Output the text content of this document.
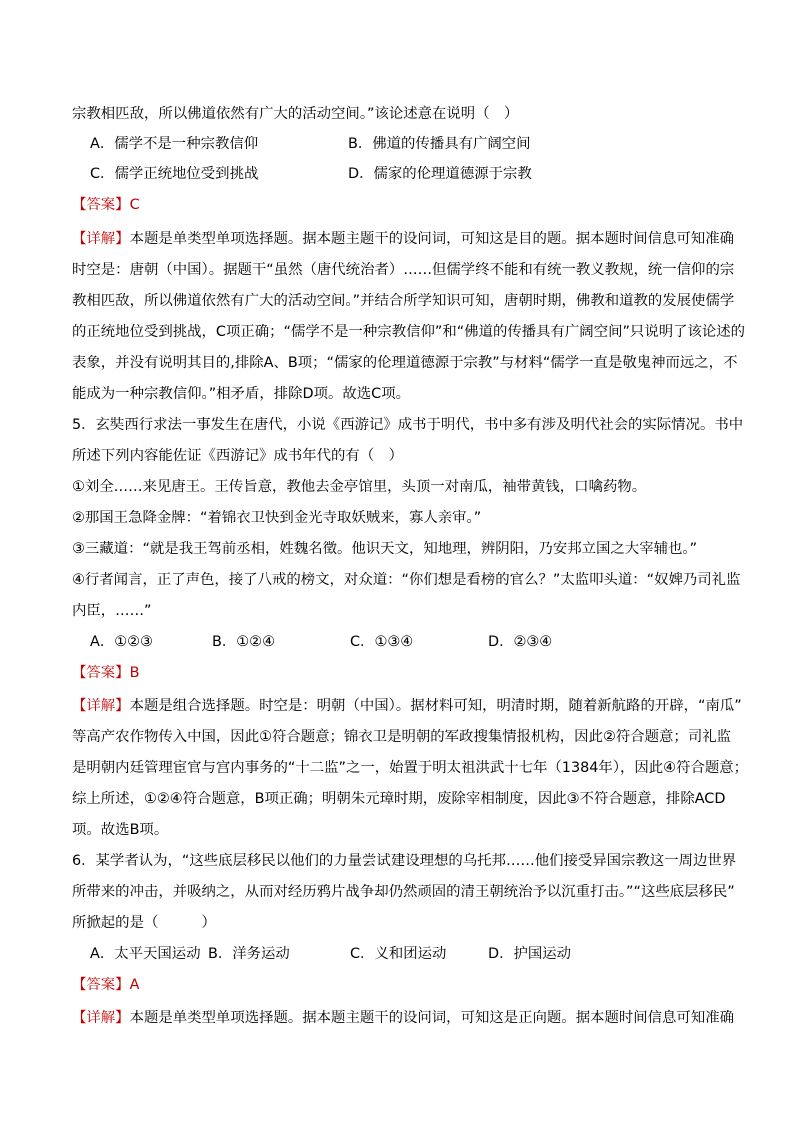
宗教相匹敌，所以佛道依然有广大的活动空间。”该论述意在说明（　）
A．儒学不是一种宗教信仰	B．佛道的传播具有广阔空间
C．儒学正统地位受到挑战	D．儒家的伦理道德源于宗教
【答案】C
【详解】本题是单类型单项选择题。据本题主题干的设问词，可知这是目的题。据本题时间信息可知准确
时空是：唐朝（中国）。据题干“虽然（唐代统治者）……但儒学终不能和有统一教义教规，统一信仰的宗
教相匹敌，所以佛道依然有广大的活动空间。”并结合所学知识可知，唐朝时期，佛教和道教的发展使儒学
的正统地位受到挑战，C项正确；“儒学不是一种宗教信仰”和“佛道的传播具有广阔空间”只说明了该论述的
表象，并没有说明其目的,排除A、B项；“儒家的伦理道德源于宗教”与材料“儒学一直是敬鬼神而远之，不
能成为一种宗教信仰。”相矛盾，排除D项。故选C项。
5．玄奘西行求法一事发生在唐代，小说《西游记》成书于明代，书中多有涉及明代社会的实际情况。书中
所述下列内容能佐证《西游记》成书年代的有（　）
①刘全……来见唐王。王传旨意，教他去金亭馆里，头顶一对南瓜，袖带黄钱，口噙药物。
②那国王急降金牌：“着锦衣卫快到金光寺取妖贼来，寡人亲审。”
③三藏道：“就是我王驾前丞相，姓魏名徵。他识天文，知地理，辨阴阳，乃安邦立国之大宰辅也。”
④行者闻言，正了声色，接了八戒的榜文，对众道：“你们想是看榜的官么？”太监叩头道：“奴婢乃司礼监
内臣，……”
A．①②③	B．①②④	C．①③④	D．②③④
【答案】B
【详解】本题是组合选择题。时空是：明朝（中国）。据材料可知，明清时期，随着新航路的开辟，“南瓜”
等高产农作物传入中国，因此①符合题意；锦衣卫是明朝的军政搜集情报机构，因此②符合题意；司礼监
是明朝内廷管理宦官与宫内事务的“十二监”之一，始置于明太祖洪武十七年（1384年），因此④符合题意；
综上所述，①②④符合题意，B项正确；明朝朱元璋时期，废除宰相制度，因此③不符合题意，排除ACD
项。故选B项。
6．某学者认为，“这些底层移民以他们的力量尝试建设理想的乌托邦……他们接受异国宗教这一周边世界
所带来的冲击，并吸纳之，从而对经历鸦片战争却仍然顽固的清王朝统治予以沉重打击。”“这些底层移民”
所掀起的是（　　　）
A．太平天国运动 B．洋务运动	C．义和团运动	D．护国运动
【答案】A
【详解】本题是单类型单项选择题。据本题主题干的设问词，可知这是正向题。据本题时间信息可知准确
